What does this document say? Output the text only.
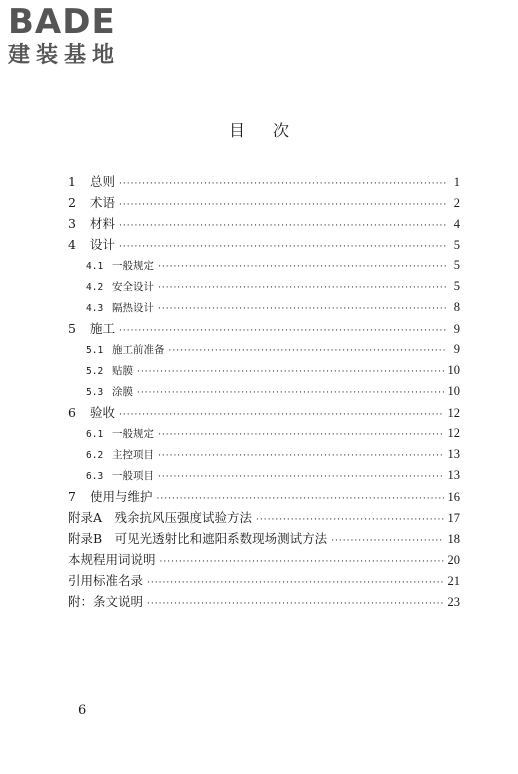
BADE
建装基地
目次
1	总则 ·····	1
2	术语 ·····	2
3	材料 ·····	4
4	设计 ·····	5
4.1 一般规定 ·····	5
4.2 安全设计 ·····	5
4.3 隔热设计 ·····	8
5	施工 ·····	9
5.1 施工前准备 ·····	9
5.2 贴膜 ·····	10
5.3 涂膜 ·····	10
6	验收 ·····	12
6.1 一般规定 ·····	12
6.2 主控项目 ·····	13
6.3 一般项目 ·····	13
7	使用与维护 ·····	16
附录A　残余抗风压强度试验方法 ·····	17
附录B　可见光透射比和遮阳系数现场测试方法 ·····	18
本规程用词说明 ·····	20
引用标准名录 ·····	21
附：条文说明 ·····	23
6
